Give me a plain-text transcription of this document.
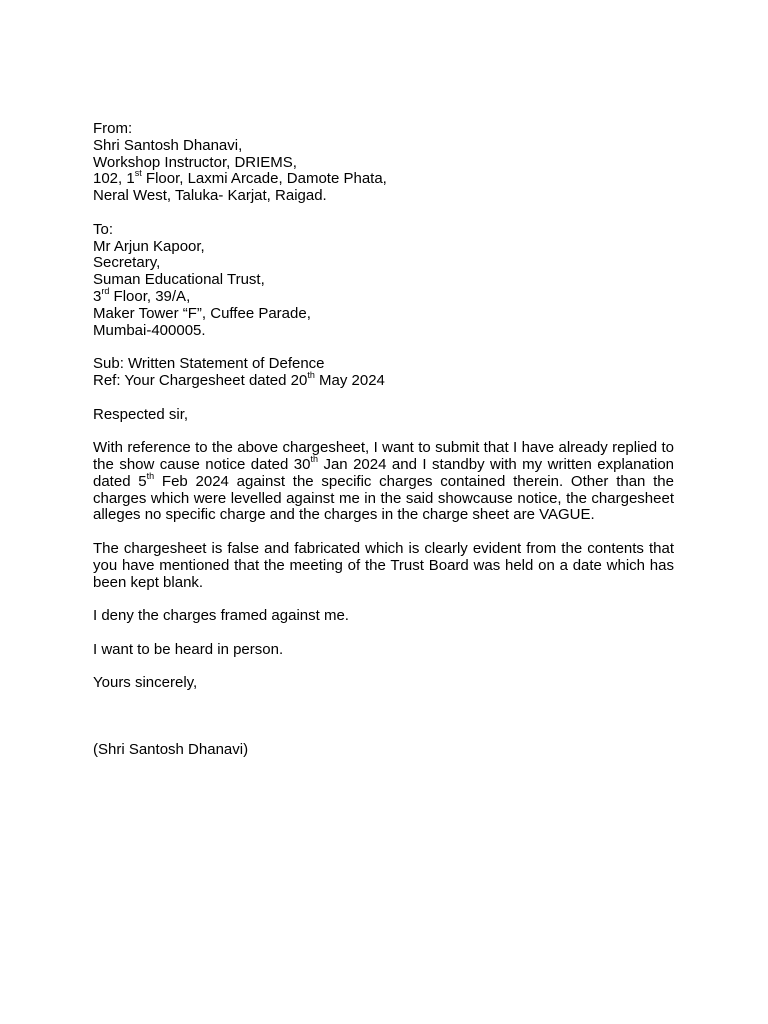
From:
Shri Santosh Dhanavi,
Workshop Instructor, DRIEMS,
102, 1st Floor, Laxmi Arcade, Damote Phata,
Neral West, Taluka- Karjat, Raigad.
To:
Mr Arjun Kapoor,
Secretary,
Suman Educational Trust,
3rd Floor, 39/A,
Maker Tower “F”, Cuffee Parade,
Mumbai-400005.
Sub: Written Statement of Defence
Ref: Your Chargesheet dated 20th May 2024
Respected sir,
With reference to the above chargesheet, I want to submit that I have already replied to the show cause notice dated 30th Jan 2024 and I standby with my written explanation dated 5th Feb 2024 against the specific charges contained therein. Other than the charges which were levelled against me in the said showcause notice, the chargesheet alleges no specific charge and the charges in the charge sheet are VAGUE.
The chargesheet is false and fabricated which is clearly evident from the contents that you have mentioned that the meeting of the Trust Board was held on a date which has been kept blank.
I deny the charges framed against me.
I want to be heard in person.
Yours sincerely,
(Shri Santosh Dhanavi)
